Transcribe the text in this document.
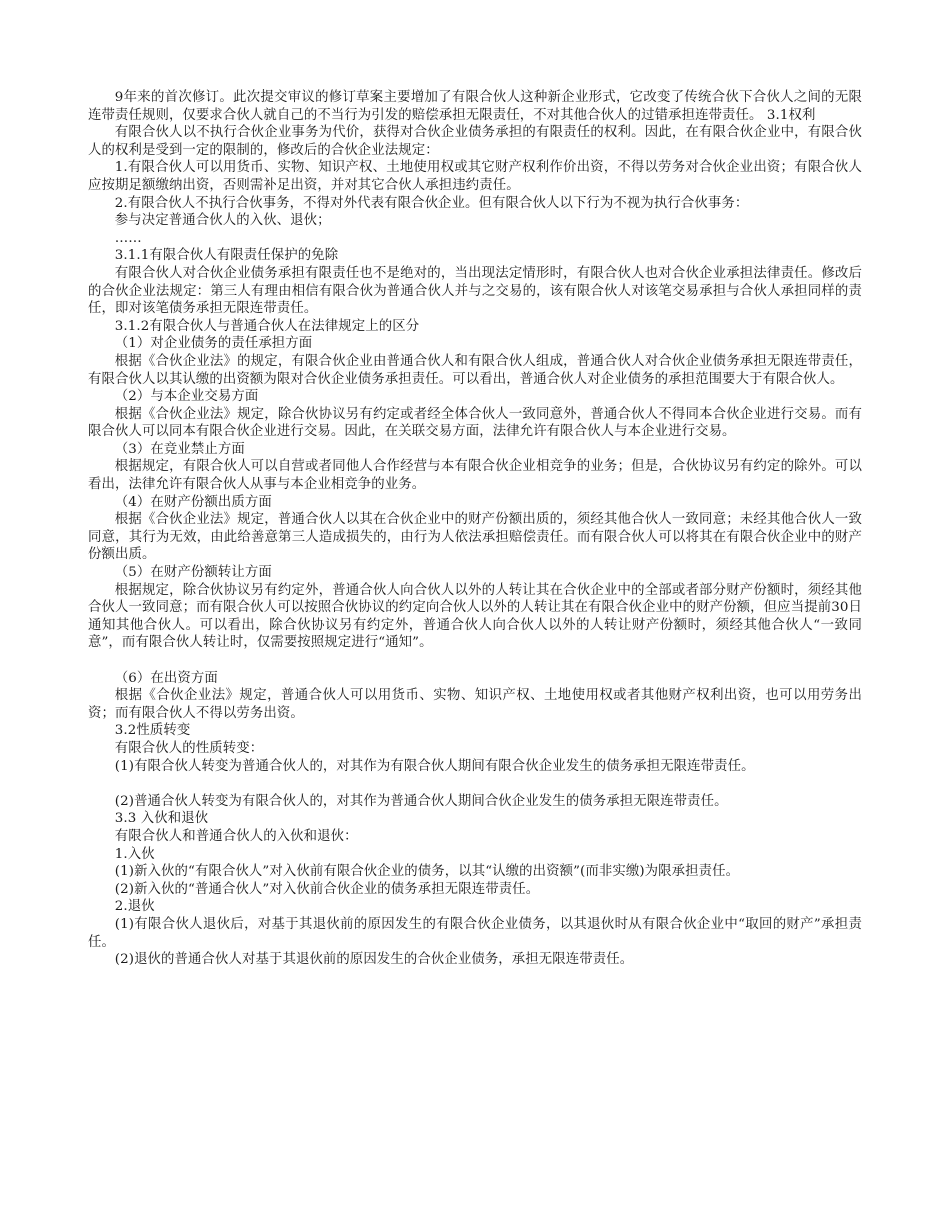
9年来的首次修订。此次提交审议的修订草案主要增加了有限合伙人这种新企业形式，它改变了传统合伙下合伙人之间的无限连带责任规则，仅要求合伙人就自己的不当行为引发的赔偿承担无限责任，不对其他合伙人的过错承担连带责任。 3.1权利

有限合伙人以不执行合伙企业事务为代价，获得对合伙企业债务承担的有限责任的权利。因此，在有限合伙企业中，有限合伙人的权利是受到一定的限制的，修改后的合伙企业法规定：

1.有限合伙人可以用货币、实物、知识产权、土地使用权或其它财产权利作价出资，不得以劳务对合伙企业出资；有限合伙人应按期足额缴纳出资，否则需补足出资，并对其它合伙人承担违约责任。

2.有限合伙人不执行合伙事务，不得对外代表有限合伙企业。但有限合伙人以下行为不视为执行合伙事务：

参与决定普通合伙人的入伙、退伙；

……

3.1.1有限合伙人有限责任保护的免除

有限合伙人对合伙企业债务承担有限责任也不是绝对的，当出现法定情形时，有限合伙人也对合伙企业承担法律责任。修改后的合伙企业法规定：第三人有理由相信有限合伙为普通合伙人并与之交易的，该有限合伙人对该笔交易承担与合伙人承担同样的责任，即对该笔债务承担无限连带责任。

3.1.2有限合伙人与普通合伙人在法律规定上的区分

（1）对企业债务的责任承担方面

根据《合伙企业法》的规定，有限合伙企业由普通合伙人和有限合伙人组成，普通合伙人对合伙企业债务承担无限连带责任，有限合伙人以其认缴的出资额为限对合伙企业债务承担责任。可以看出，普通合伙人对企业债务的承担范围要大于有限合伙人。

（2）与本企业交易方面

根据《合伙企业法》规定，除合伙协议另有约定或者经全体合伙人一致同意外，普通合伙人不得同本合伙企业进行交易。而有限合伙人可以同本有限合伙企业进行交易。因此，在关联交易方面，法律允许有限合伙人与本企业进行交易。

（3）在竞业禁止方面

根据规定，有限合伙人可以自营或者同他人合作经营与本有限合伙企业相竞争的业务；但是，合伙协议另有约定的除外。可以看出，法律允许有限合伙人从事与本企业相竞争的业务。

（4）在财产份额出质方面

根据《合伙企业法》规定，普通合伙人以其在合伙企业中的财产份额出质的，须经其他合伙人一致同意；未经其他合伙人一致同意，其行为无效，由此给善意第三人造成损失的，由行为人依法承担赔偿责任。而有限合伙人可以将其在有限合伙企业中的财产份额出质。

（5）在财产份额转让方面

根据规定，除合伙协议另有约定外，普通合伙人向合伙人以外的人转让其在合伙企业中的全部或者部分财产份额时，须经其他合伙人一致同意；而有限合伙人可以按照合伙协议的约定向合伙人以外的人转让其在有限合伙企业中的财产份额，但应当提前30日通知其他合伙人。可以看出，除合伙协议另有约定外，普通合伙人向合伙人以外的人转让财产份额时，须经其他合伙人“一致同意”，而有限合伙人转让时，仅需要按照规定进行“通知”。

（6）在出资方面

根据《合伙企业法》规定，普通合伙人可以用货币、实物、知识产权、土地使用权或者其他财产权利出资，也可以用劳务出资；而有限合伙人不得以劳务出资。

3.2性质转变

有限合伙人的性质转变：

(1)有限合伙人转变为普通合伙人的，对其作为有限合伙人期间有限合伙企业发生的债务承担无限连带责任。

(2)普通合伙人转变为有限合伙人的，对其作为普通合伙人期间合伙企业发生的债务承担无限连带责任。

3.3 入伙和退伙

有限合伙人和普通合伙人的入伙和退伙：

1.入伙

(1)新入伙的“有限合伙人”对入伙前有限合伙企业的债务，以其“认缴的出资额”(而非实缴)为限承担责任。

(2)新入伙的“普通合伙人”对入伙前合伙企业的债务承担无限连带责任。

2.退伙

(1)有限合伙人退伙后，对基于其退伙前的原因发生的有限合伙企业债务，以其退伙时从有限合伙企业中“取回的财产”承担责任。

(2)退伙的普通合伙人对基于其退伙前的原因发生的合伙企业债务，承担无限连带责任。
